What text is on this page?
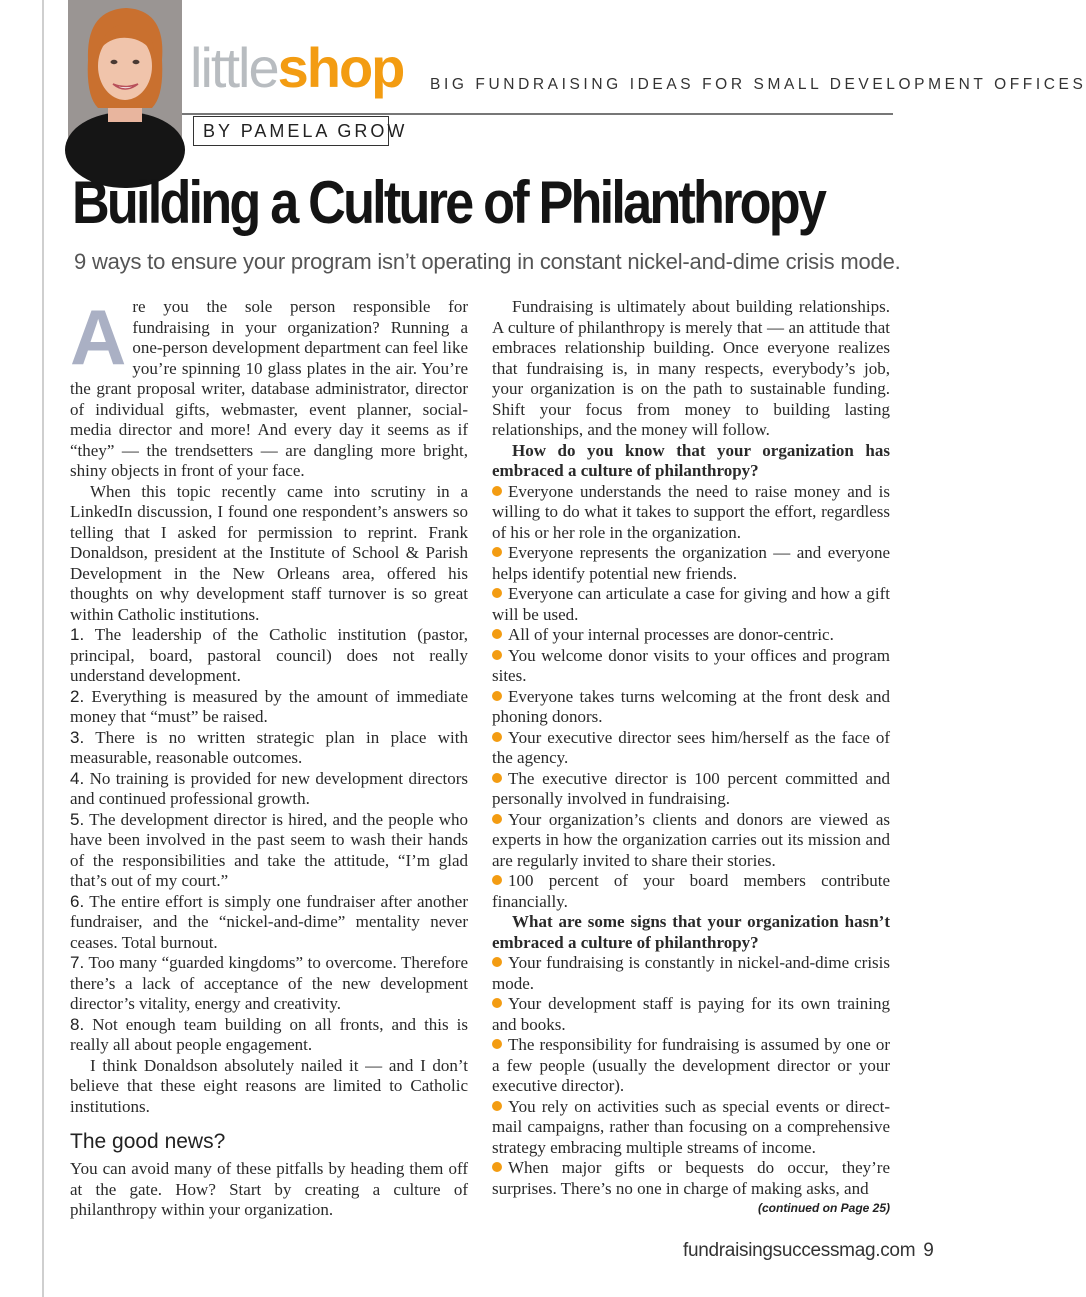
littleshop
BY PAMELA GROW
BIG FUNDRAISING IDEAS FOR SMALL DEVELOPMENT OFFICES
Building a Culture of Philanthropy
9 ways to ensure your program isn’t operating in constant nickel-and-dime crisis mode.

Are you the sole person responsible for fundraising in your organization? Running a one-person development department can feel like you’re spinning 10 glass plates in the air. You’re the grant proposal writer, database administrator, director of individual gifts, webmaster, event planner, social-media director and more! And every day it seems as if “they” — the trendsetters — are dangling more bright, shiny objects in front of your face.

When this topic recently came into scrutiny in a LinkedIn discussion, I found one respondent’s answers so telling that I asked for permission to reprint. Frank Donaldson, president at the Institute of School & Parish Development in the New Orleans area, offered his thoughts on why development staff turnover is so great within Catholic institutions.

1. The leadership of the Catholic institution (pastor, principal, board, pastoral council) does not really understand development.

2. Everything is measured by the amount of immediate money that “must” be raised.

3. There is no written strategic plan in place with measurable, reasonable outcomes.

4. No training is provided for new development directors and continued professional growth.

5. The development director is hired, and the people who have been involved in the past seem to wash their hands of the responsibilities and take the attitude, “I’m glad that’s out of my court.”

6. The entire effort is simply one fundraiser after another fundraiser, and the “nickel-and-dime” mentality never ceases. Total burnout.

7. Too many “guarded kingdoms” to overcome. Therefore there’s a lack of acceptance of the new development director’s vitality, energy and creativity.

8. Not enough team building on all fronts, and this is really all about people engagement.

I think Donaldson absolutely nailed it — and I don’t believe that these eight reasons are limited to Catholic institutions.

The good news?

You can avoid many of these pitfalls by heading them off at the gate. How? Start by creating a culture of philanthropy within your organization.

Fundraising is ultimately about building relationships. A culture of philanthropy is merely that — an attitude that embraces relationship building. Once everyone realizes that fundraising is, in many respects, everybody’s job, your organization is on the path to sustainable funding. Shift your focus from money to building lasting relationships, and the money will follow.

How do you know that your organization has embraced a culture of philanthropy?

Everyone understands the need to raise money and is willing to do what it takes to support the effort, regardless of his or her role in the organization.

Everyone represents the organization — and everyone helps identify potential new friends.

Everyone can articulate a case for giving and how a gift will be used.

All of your internal processes are donor-centric.

You welcome donor visits to your offices and program sites.

Everyone takes turns welcoming at the front desk and phoning donors.

Your executive director sees him/herself as the face of the agency.

The executive director is 100 percent committed and personally involved in fundraising.

Your organization’s clients and donors are viewed as experts in how the organization carries out its mission and are regularly invited to share their stories.

100 percent of your board members contribute financially.

What are some signs that your organization hasn’t embraced a culture of philanthropy?

Your fundraising is constantly in nickel-and-dime crisis mode.

Your development staff is paying for its own training and books.

The responsibility for fundraising is assumed by one or a few people (usually the development director or your executive director).

You rely on activities such as special events or direct-mail campaigns, rather than focusing on a comprehensive strategy embracing multiple streams of income.

When major gifts or bequests do occur, they’re surprises. There’s no one in charge of making asks, and

(continued on Page 25)
fundraisingsuccessmag.com 9
